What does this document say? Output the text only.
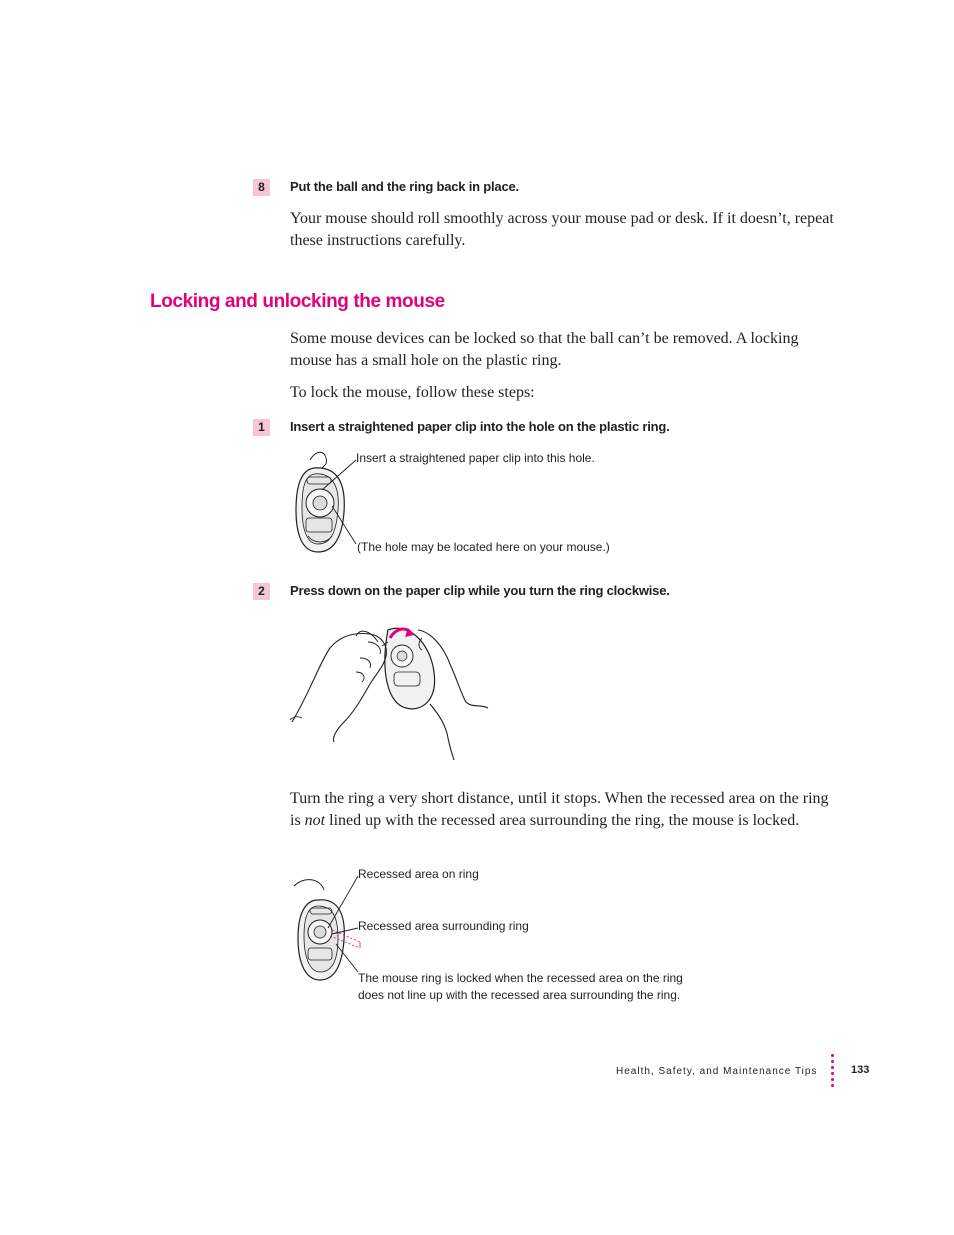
8	Put the ball and the ring back in place.

Your mouse should roll smoothly across your mouse pad or desk. If it doesn’t, repeat these instructions carefully.

Locking and unlocking the mouse

Some mouse devices can be locked so that the ball can’t be removed. A locking mouse has a small hole on the plastic ring.

To lock the mouse, follow these steps:

1	Insert a straightened paper clip into the hole on the plastic ring.
Insert a straightened paper clip into this hole.
(The hole may be located here on your mouse.)
2	Press down on the paper clip while you turn the ring clockwise.

Turn the ring a very short distance, until it stops. When the recessed area on the ring is not lined up with the recessed area surrounding the ring, the mouse is locked.

Recessed area on ring
Recessed area surrounding ring
The mouse ring is locked when the recessed area on the ring
does not line up with the recessed area surrounding the ring.
Health, Safety, and Maintenance Tips	133
